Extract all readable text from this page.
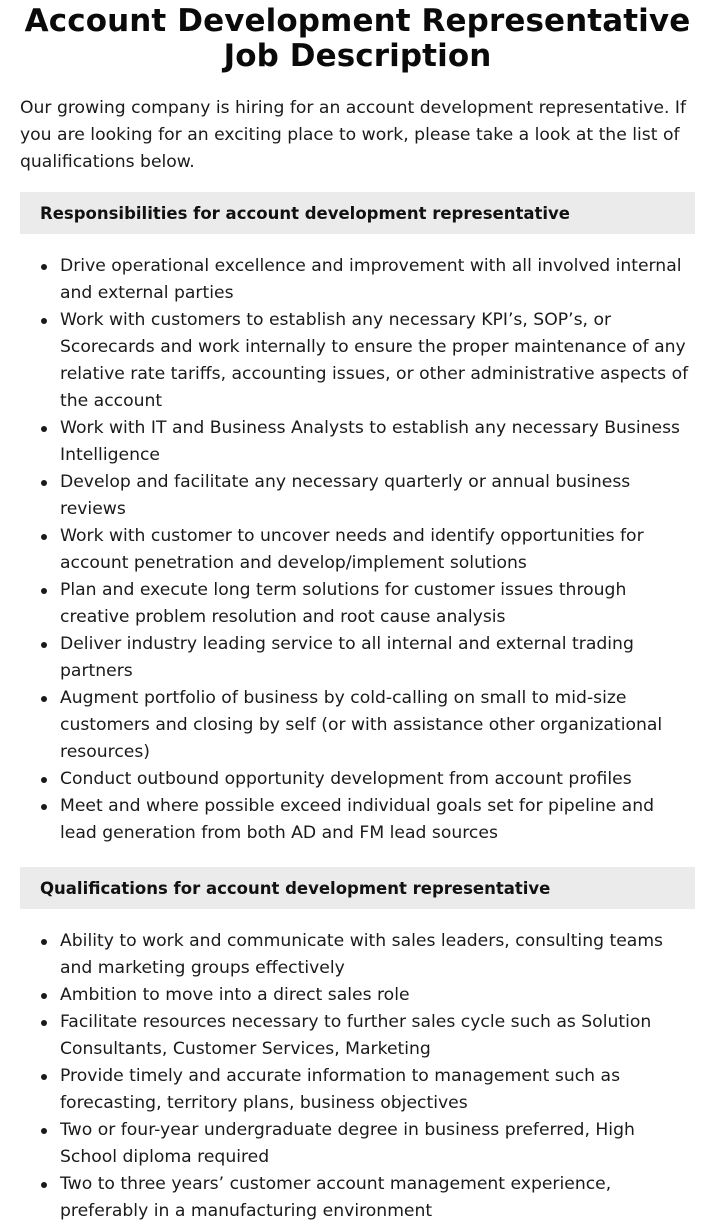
Account Development Representative Job Description

Our growing company is hiring for an account development representative. If you are looking for an exciting place to work, please take a look at the list of qualifications below.

Responsibilities for account development representative
Drive operational excellence and improvement with all involved internal and external parties
Work with customers to establish any necessary KPI’s, SOP’s, or Scorecards and work internally to ensure the proper maintenance of any relative rate tariffs, accounting issues, or other administrative aspects of the account
Work with IT and Business Analysts to establish any necessary Business Intelligence
Develop and facilitate any necessary quarterly or annual business reviews
Work with customer to uncover needs and identify opportunities for account penetration and develop/implement solutions
Plan and execute long term solutions for customer issues through creative problem resolution and root cause analysis
Deliver industry leading service to all internal and external trading partners
Augment portfolio of business by cold-calling on small to mid-size customers and closing by self (or with assistance other organizational resources)
Conduct outbound opportunity development from account profiles
Meet and where possible exceed individual goals set for pipeline and lead generation from both AD and FM lead sources
Qualifications for account development representative
Ability to work and communicate with sales leaders, consulting teams and marketing groups effectively
Ambition to move into a direct sales role
Facilitate resources necessary to further sales cycle such as Solution Consultants, Customer Services, Marketing
Provide timely and accurate information to management such as forecasting, territory plans, business objectives
Two or four-year undergraduate degree in business preferred, High School diploma required
Two to three years’ customer account management experience, preferably in a manufacturing environment
